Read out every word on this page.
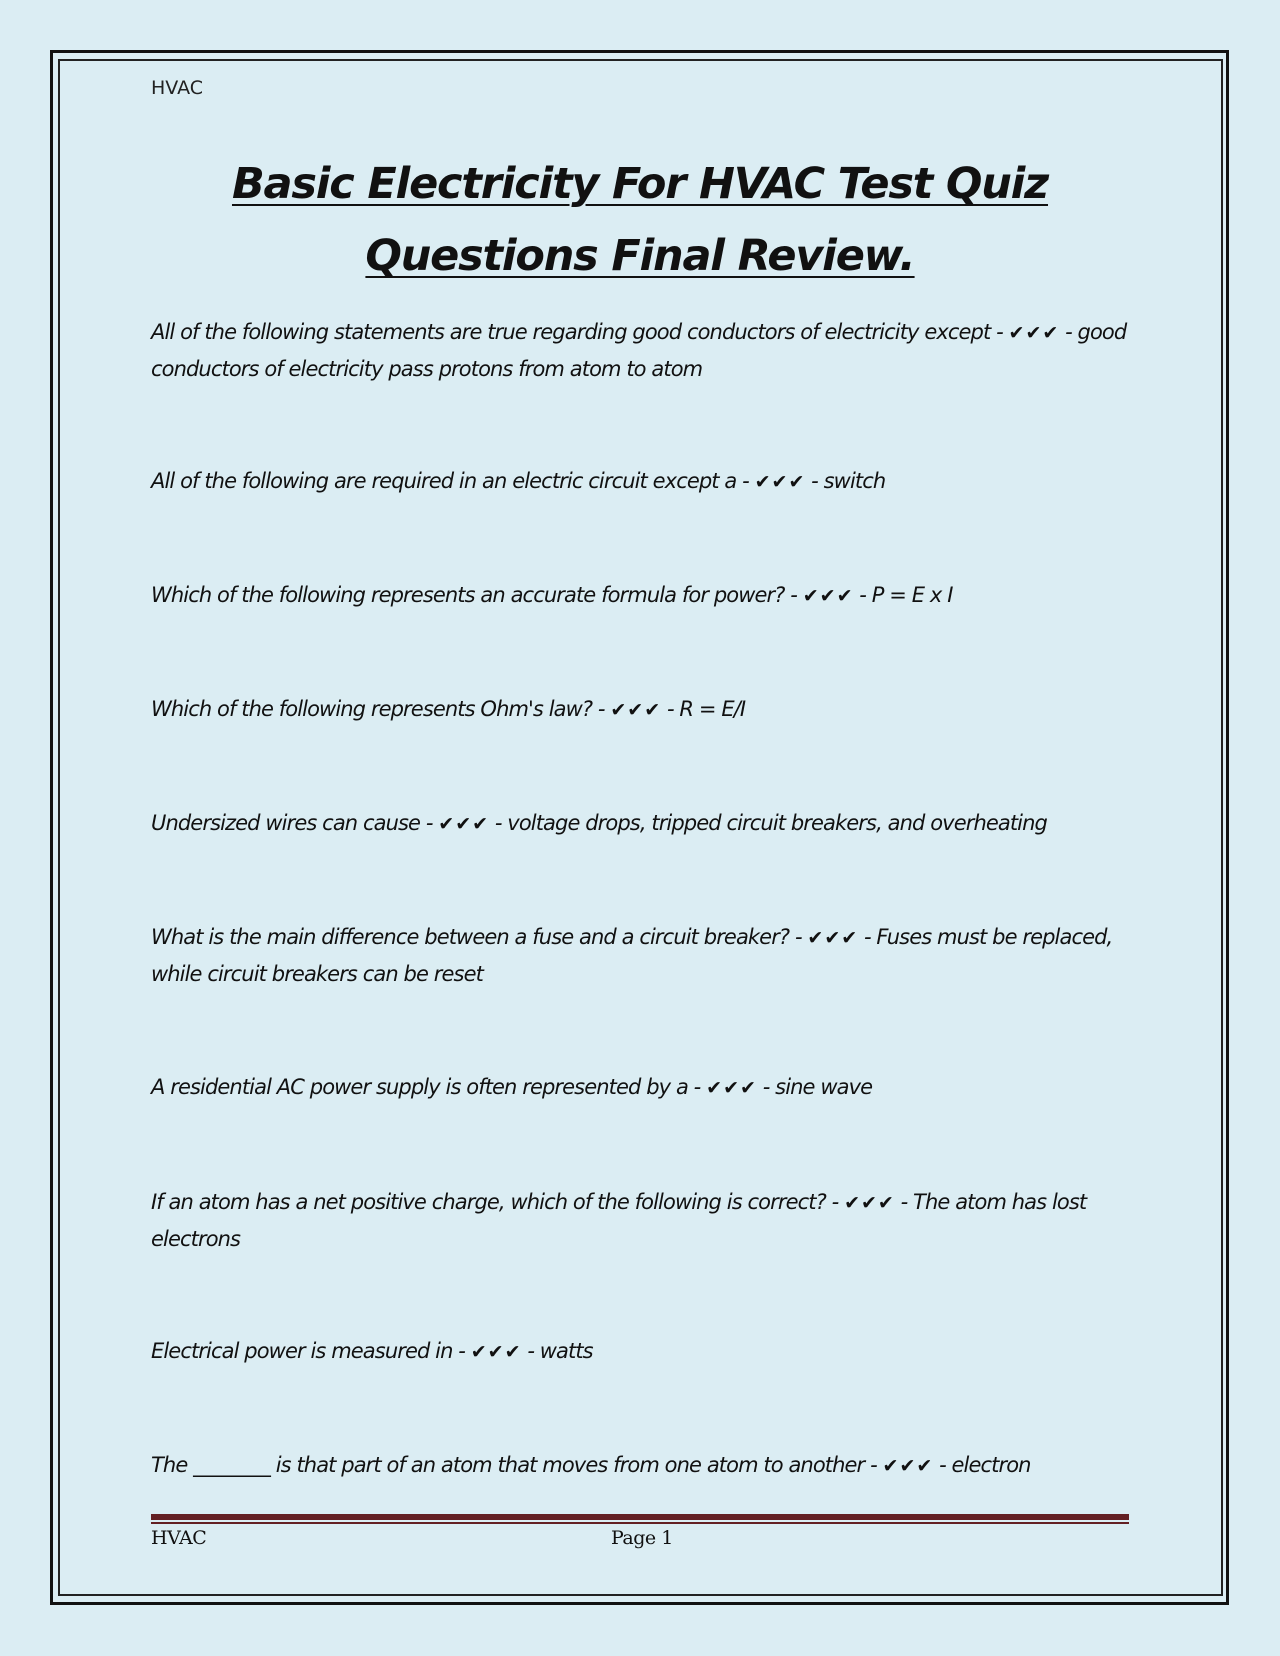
HVAC
Basic Electricity For HVAC Test Quiz
Questions Final Review.
All of the following statements are true regarding good conductors of electricity except - ✔✔✔ - good conductors of electricity pass protons from atom to atom
All of the following are required in an electric circuit except a - ✔✔✔ - switch
Which of the following represents an accurate formula for power? - ✔✔✔ - P = E x I
Which of the following represents Ohm's law? - ✔✔✔ - R = E/I
Undersized wires can cause - ✔✔✔ - voltage drops, tripped circuit breakers, and overheating
What is the main difference between a fuse and a circuit breaker? - ✔✔✔ - Fuses must be replaced, while circuit breakers can be reset
A residential AC power supply is often represented by a - ✔✔✔ - sine wave
If an atom has a net positive charge, which of the following is correct? - ✔✔✔ - The atom has lost electrons
Electrical power is measured in - ✔✔✔ - watts
The ________ is that part of an atom that moves from one atom to another - ✔✔✔ - electron
HVAC	Page 1
